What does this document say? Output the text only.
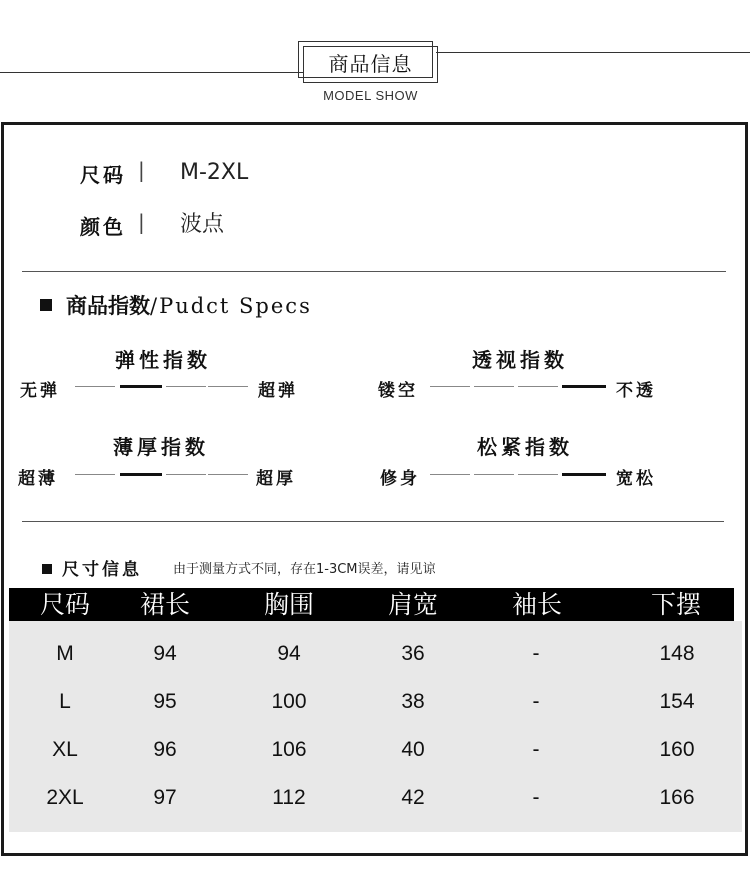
商品信息
MODEL SHOW
尺码 | M-2XL
颜色 | 波点
商品指数/Pudct Specs
弹性指数
无弹	超弹
透视指数
镂空	不透
薄厚指数
超薄	超厚
松紧指数
修身	宽松
尺寸信息 由于测量方式不同，存在1-3CM误差，请见谅
尺码	裙长	胸围	肩宽	袖长	下摆
M	94	94	36	-	148
L	95	100	38	-	154
XL	96	106	40	-	160
2XL	97	112	42	-	166
